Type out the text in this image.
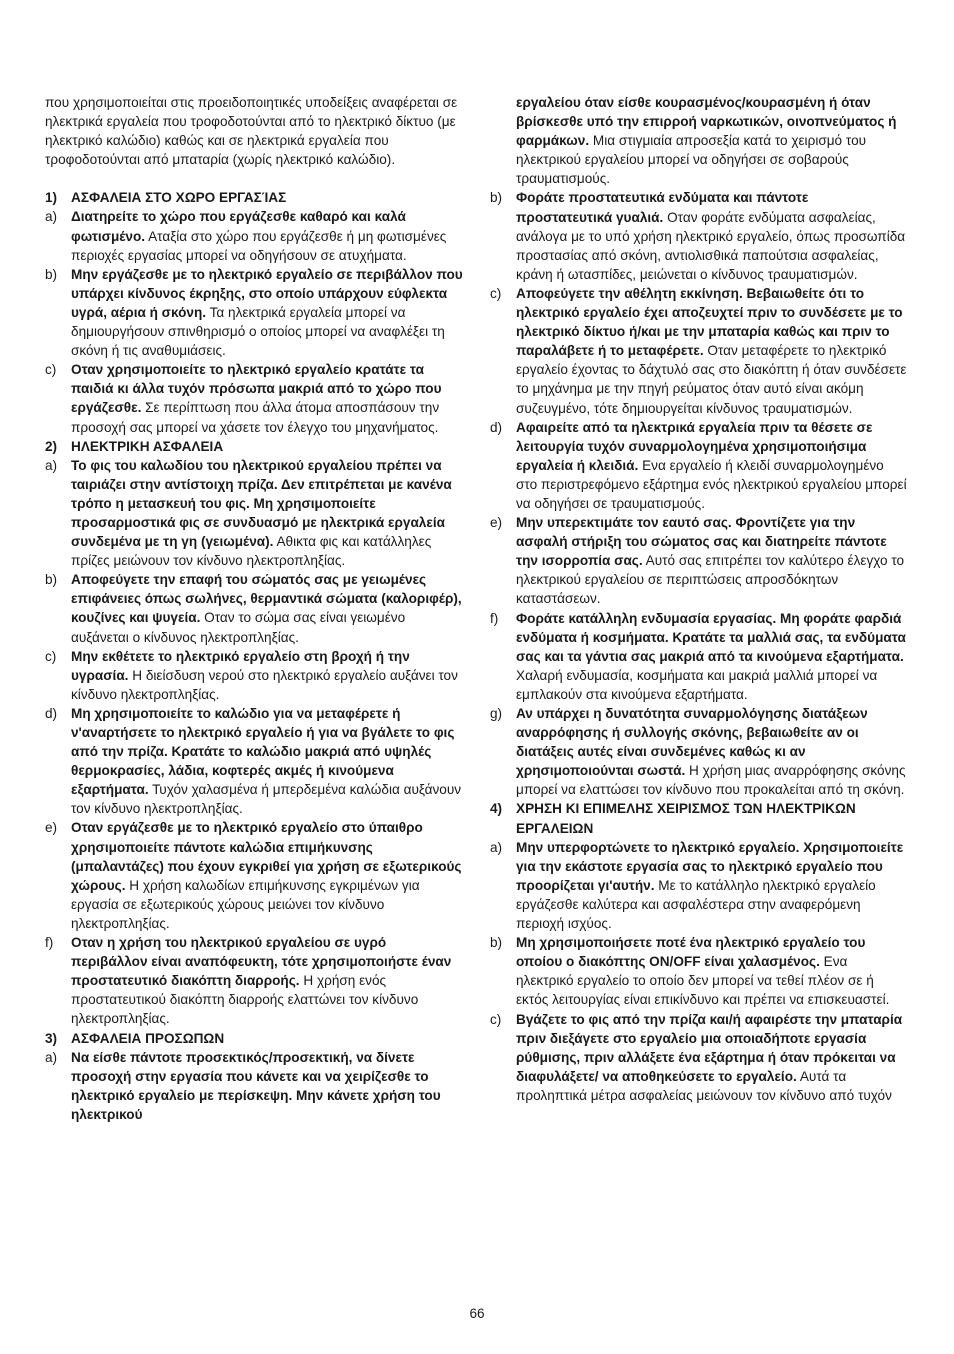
που χρησιμοποιείται στις προειδοποιητικές υποδείξεις αναφέρεται σε ηλεκτρικά εργαλεία που τροφοδοτούνται από το ηλεκτρικό δίκτυο (με ηλεκτρικό καλώδιο) καθώς και σε ηλεκτρικά εργαλεία που τροφοδοτούνται από μπαταρία (χωρίς ηλεκτρικό καλώδιο).

1) ΑΣΦΑΛΕΙΑ ΣΤΟ ΧΩΡΟ ΕΡΓΑΣΊΑΣ

a) Διατηρείτε το χώρο που εργάζεσθε καθαρό και καλά φωτισμένο. Αταξία στο χώρο που εργάζεσθε ή μη φωτισμένες περιοχές εργασίας μπορεί να οδηγήσουν σε ατυχήματα.

b) Μην εργάζεσθε με το ηλεκτρικό εργαλείο σε περιβάλλον που υπάρχει κίνδυνος έκρηξης, στο οποίο υπάρχουν εύφλεκτα υγρά, αέρια ή σκόνη. Τα ηλεκτρικά εργαλεία μπορεί να δημιουργήσουν σπινθηρισμό ο οποίος μπορεί να αναφλέξει τη σκόνη ή τις αναθυμιάσεις.

c) Οταν χρησιμοποιείτε το ηλεκτρικό εργαλείο κρατάτε τα παιδιά κι άλλα τυχόν πρόσωπα μακριά από το χώρο που εργάζεσθε. Σε περίπτωση που άλλα άτομα αποσπάσουν την προσοχή σας μπορεί να χάσετε τον έλεγχο του μηχανήματος.

2) ΗΛΕΚΤΡΙΚΗ ΑΣΦΑΛΕΙΑ

a) Το φις του καλωδίου του ηλεκτρικού εργαλείου πρέπει να ταιριάζει στην αντίστοιχη πρίζα. Δεν επιτρέπεται με κανένα τρόπο η μετασκευή του φις. Μη χρησιμοποιείτε προσαρμοστικά φις σε συνδυασμό με ηλεκτρικά εργαλεία συνδεμένα με τη γη (γειωμένα). Αθικτα φις και κατάλληλες πρίζες μειώνουν τον κίνδυνο ηλεκτροπληξίας.

b) Αποφεύγετε την επαφή του σώματός σας με γειωμένες επιφάνειες όπως σωλήνες, θερμαντικά σώματα (καλοριφέρ), κουζίνες και ψυγεία. Οταν το σώμα σας είναι γειωμένο αυξάνεται ο κίνδυνος ηλεκτροπληξίας.

c) Μην εκθέτετε το ηλεκτρικό εργαλείο στη βροχή ή την υγρασία. Η διείσδυση νερού στο ηλεκτρικό εργαλείο αυξάνει τον κίνδυνο ηλεκτροπληξίας.

d) Μη χρησιμοποιείτε το καλώδιο για να μεταφέρετε ή ν'αναρτήσετε το ηλεκτρικό εργαλείο ή για να βγάλετε το φις από την πρίζα. Κρατάτε το καλώδιο μακριά από υψηλές θερμοκρασίες, λάδια, κοφτερές ακμές ή κινούμενα εξαρτήματα. Τυχόν χαλασμένα ή μπερδεμένα καλώδια αυξάνουν τον κίνδυνο ηλεκτροπληξίας.

e) Οταν εργάζεσθε με το ηλεκτρικό εργαλείο στο ύπαιθρο χρησιμοποιείτε πάντοτε καλώδια επιμήκυνσης (μπαλαντάζες) που έχουν εγκριθεί για χρήση σε εξωτερικούς χώρους. Η χρήση καλωδίων επιμήκυνσης εγκριμένων για εργασία σε εξωτερικούς χώρους μειώνει τον κίνδυνο ηλεκτροπληξίας.

f) Οταν η χρήση του ηλεκτρικού εργαλείου σε υγρό περιβάλλον είναι αναπόφευκτη, τότε χρησιμοποιήστε έναν προστατευτικό διακόπτη διαρροής. Η χρήση ενός προστατευτικού διακόπτη διαρροής ελαττώνει τον κίνδυνο ηλεκτροπληξίας.

3) ΑΣΦΑΛΕΙΑ ΠΡΟΣΩΠΩΝ

a) Να είσθε πάντοτε προσεκτικός/προσεκτική, να δίνετε προσοχή στην εργασία που κάνετε και να χειρίζεσθε το ηλεκτρικό εργαλείο με περίσκεψη. Μην κάνετε χρήση του ηλεκτρικού

εργαλείου όταν είσθε κουρασμένος/κουρασμένη ή όταν βρίσκεσθε υπό την επιρροή ναρκωτικών, οινοπνεύματος ή φαρμάκων. Μια στιγμιαία απροσεξία κατά το χειρισμό του ηλεκτρικού εργαλείου μπορεί να οδηγήσει σε σοβαρούς τραυματισμούς.

b) Φοράτε προστατευτικά ενδύματα και πάντοτε προστατευτικά γυαλιά. Οταν φοράτε ενδύματα ασφαλείας, ανάλογα με το υπό χρήση ηλεκτρικό εργαλείο, όπως προσωπίδα προστασίας από σκόνη, αντιολισθικά παπούτσια ασφαλείας, κράνη ή ωτασπίδες, μειώνεται ο κίνδυνος τραυματισμών.

c) Αποφεύγετε την αθέλητη εκκίνηση. Βεβαιωθείτε ότι το ηλεκτρικό εργαλείο έχει αποζευχτεί πριν το συνδέσετε με το ηλεκτρικό δίκτυο ή/και με την μπαταρία καθώς και πριν το παραλάβετε ή το μεταφέρετε. Οταν μεταφέρετε το ηλεκτρικό εργαλείο έχοντας το δάχτυλό σας στο διακόπτη ή όταν συνδέσετε το μηχάνημα με την πηγή ρεύματος όταν αυτό είναι ακόμη συζευγμένο, τότε δημιουργείται κίνδυνος τραυματισμών.

d) Αφαιρείτε από τα ηλεκτρικά εργαλεία πριν τα θέσετε σε λειτουργία τυχόν συναρμολογημένα χρησιμοποιήσιμα εργαλεία ή κλειδιά. Ενα εργαλείο ή κλειδί συναρμολογημένο στο περιστρεφόμενο εξάρτημα ενός ηλεκτρικού εργαλείου μπορεί να οδηγήσει σε τραυματισμούς.

e) Μην υπερεκτιμάτε τον εαυτό σας. Φροντίζετε για την ασφαλή στήριξη του σώματος σας και διατηρείτε πάντοτε την ισορροπία σας. Αυτό σας επιτρέπει τον καλύτερο έλεγχο το ηλεκτρικού εργαλείου σε περιπτώσεις απροσδόκητων καταστάσεων.

f) Φοράτε κατάλληλη ενδυμασία εργασίας. Μη φοράτε φαρδιά ενδύματα ή κοσμήματα. Κρατάτε τα μαλλιά σας, τα ενδύματα σας και τα γάντια σας μακριά από τα κινούμενα εξαρτήματα. Χαλαρή ενδυμασία, κοσμήματα και μακριά μαλλιά μπορεί να εμπλακούν στα κινούμενα εξαρτήματα.

g) Αν υπάρχει η δυνατότητα συναρμολόγησης διατάξεων αναρρόφησης ή συλλογής σκόνης, βεβαιωθείτε αν οι διατάξεις αυτές είναι συνδεμένες καθώς κι αν χρησιμοποιούνται σωστά. Η χρήση μιας αναρρόφησης σκόνης μπορεί να ελαττώσει τον κίνδυνο που προκαλείται από τη σκόνη.

4) ΧΡΗΣΗ ΚΙ ΕΠΙΜΕΛΗΣ ΧΕΙΡΙΣΜΟΣ ΤΩΝ ΗΛΕΚΤΡΙΚΩΝ ΕΡΓΑΛΕΙΩΝ

a) Μην υπερφορτώνετε το ηλεκτρικό εργαλείο. Χρησιμοποιείτε για την εκάστοτε εργασία σας το ηλεκτρικό εργαλείο που προορίζεται γι'αυτήν. Με το κατάλληλο ηλεκτρικό εργαλείο εργάζεσθε καλύτερα και ασφαλέστερα στην αναφερόμενη περιοχή ισχύος.

b) Μη χρησιμοποιήσετε ποτέ ένα ηλεκτρικό εργαλείο του οποίου ο διακόπτης ON/OFF είναι χαλασμένος. Ενα ηλεκτρικό εργαλείο το οποίο δεν μπορεί να τεθεί πλέον σε ή εκτός λειτουργίας είναι επικίνδυνο και πρέπει να επισκευαστεί.

c) Βγάζετε το φις από την πρίζα και/ή αφαιρέστε την μπαταρία πριν διεξάγετε στο εργαλείο μια οποιαδήποτε εργασία ρύθμισης, πριν αλλάξετε ένα εξάρτημα ή όταν πρόκειται να διαφυλάξετε/ να αποθηκεύσετε το εργαλείο. Αυτά τα προληπτικά μέτρα ασφαλείας μειώνουν τον κίνδυνο από τυχόν

66
